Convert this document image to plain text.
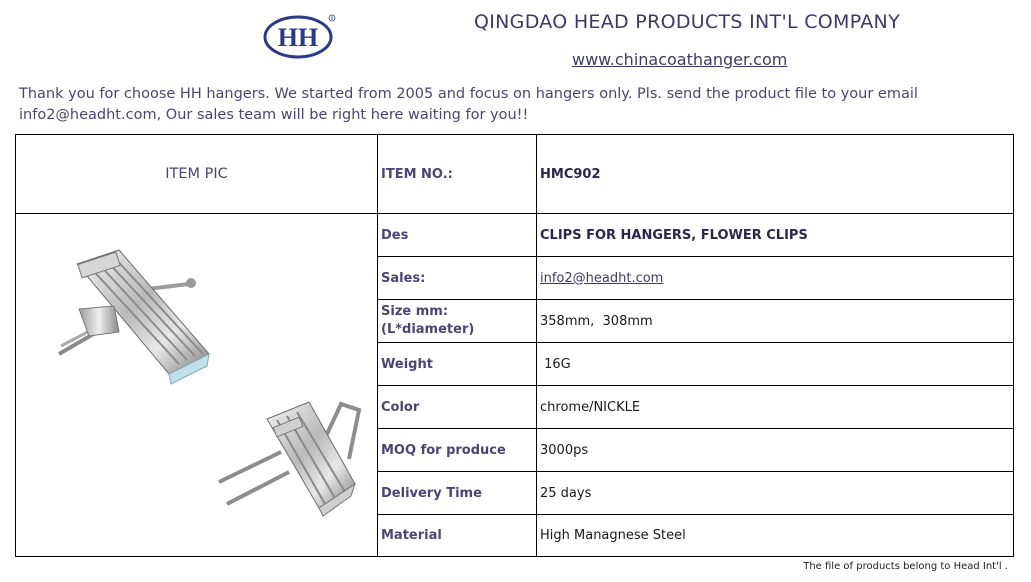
HH
R	QINGDAO HEAD PRODUCTS INT'L COMPANY
www.chinacoathanger.com
Thank you for choose HH hangers. We started from 2005 and focus on hangers only. Pls. send the product file to your email info2@headht.com, Our sales team will be right here waiting for you!!
ITEM PIC	ITEM NO.:	HMC902

	Des	CLIPS FOR HANGERS, FLOWER CLIPS
	Sales:	info2@headht.com
	Size mm:
(L*diameter)	358mm,  308mm
	Weight	16G
	Color	chrome/NICKLE
	MOQ for produce	3000ps
	Delivery Time	25 days
	Material	High Managnese Steel
The file of products belong to Head Int'l .
